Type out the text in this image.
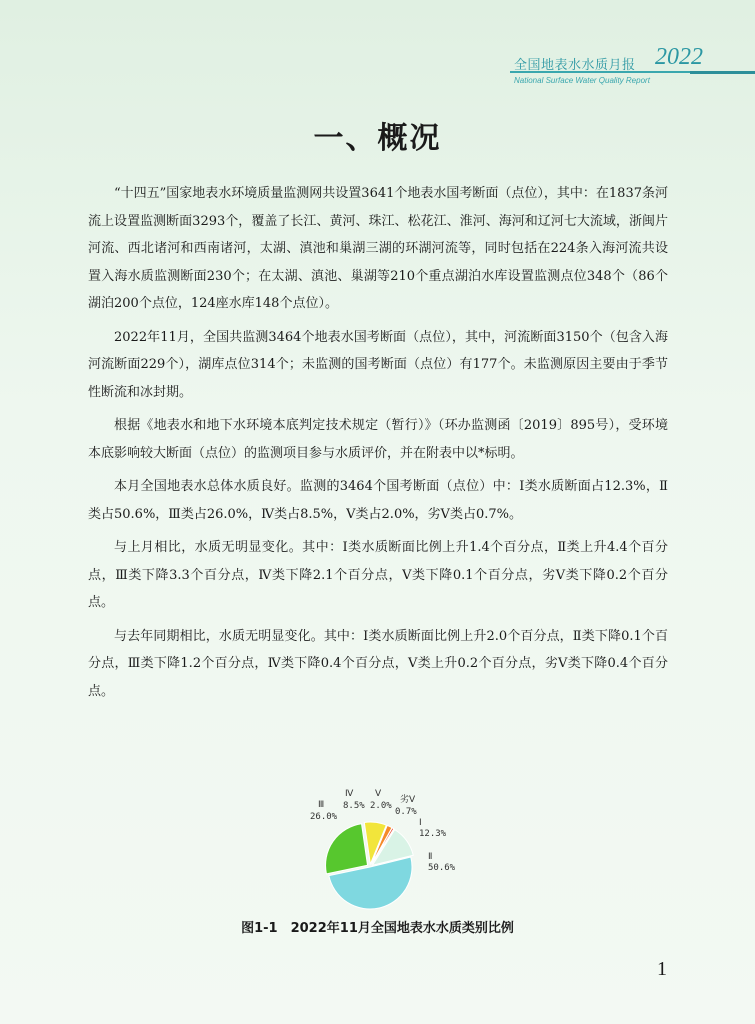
全国地表水水质月报 2022
National Surface Water Quality Report
一、概况

“十四五”国家地表水环境质量监测网共设置3641个地表水国考断面（点位），其中：在1837条河流上设置监测断面3293个，覆盖了长江、黄河、珠江、松花江、淮河、海河和辽河七大流域，浙闽片河流、西北诸河和西南诸河，太湖、滇池和巢湖三湖的环湖河流等，同时包括在224条入海河流共设置入海水质监测断面230个；在太湖、滇池、巢湖等210个重点湖泊水库设置监测点位348个（86个湖泊200个点位，124座水库148个点位）。

2022年11月，全国共监测3464个地表水国考断面（点位），其中，河流断面3150个（包含入海河流断面229个），湖库点位314个；未监测的国考断面（点位）有177个。未监测原因主要由于季节性断流和冰封期。

根据《地表水和地下水环境本底判定技术规定（暂行）》（环办监测函〔2019〕895号），受环境本底影响较大断面（点位）的监测项目参与水质评价，并在附表中以*标明。

本月全国地表水总体水质良好。监测的3464个国考断面（点位）中：Ⅰ类水质断面占12.3%，Ⅱ类占50.6%，Ⅲ类占26.0%，Ⅳ类占8.5%，Ⅴ类占2.0%，劣Ⅴ类占0.7%。

与上月相比，水质无明显变化。其中：Ⅰ类水质断面比例上升1.4个百分点，Ⅱ类上升4.4个百分点，Ⅲ类下降3.3个百分点，Ⅳ类下降2.1个百分点，Ⅴ类下降0.1个百分点，劣Ⅴ类下降0.2个百分点。

与去年同期相比，水质无明显变化。其中：Ⅰ类水质断面比例上升2.0个百分点，Ⅱ类下降0.1个百分点，Ⅲ类下降1.2个百分点，Ⅳ类下降0.4个百分点，Ⅴ类上升0.2个百分点，劣Ⅴ类下降0.4个百分点。

Ⅰ
12.3%
Ⅱ
50.6%
Ⅲ
26.0%
Ⅳ
8.5%
Ⅴ
2.0%
劣Ⅴ
0.7%
图1-1　2022年11月全国地表水水质类别比例
1
